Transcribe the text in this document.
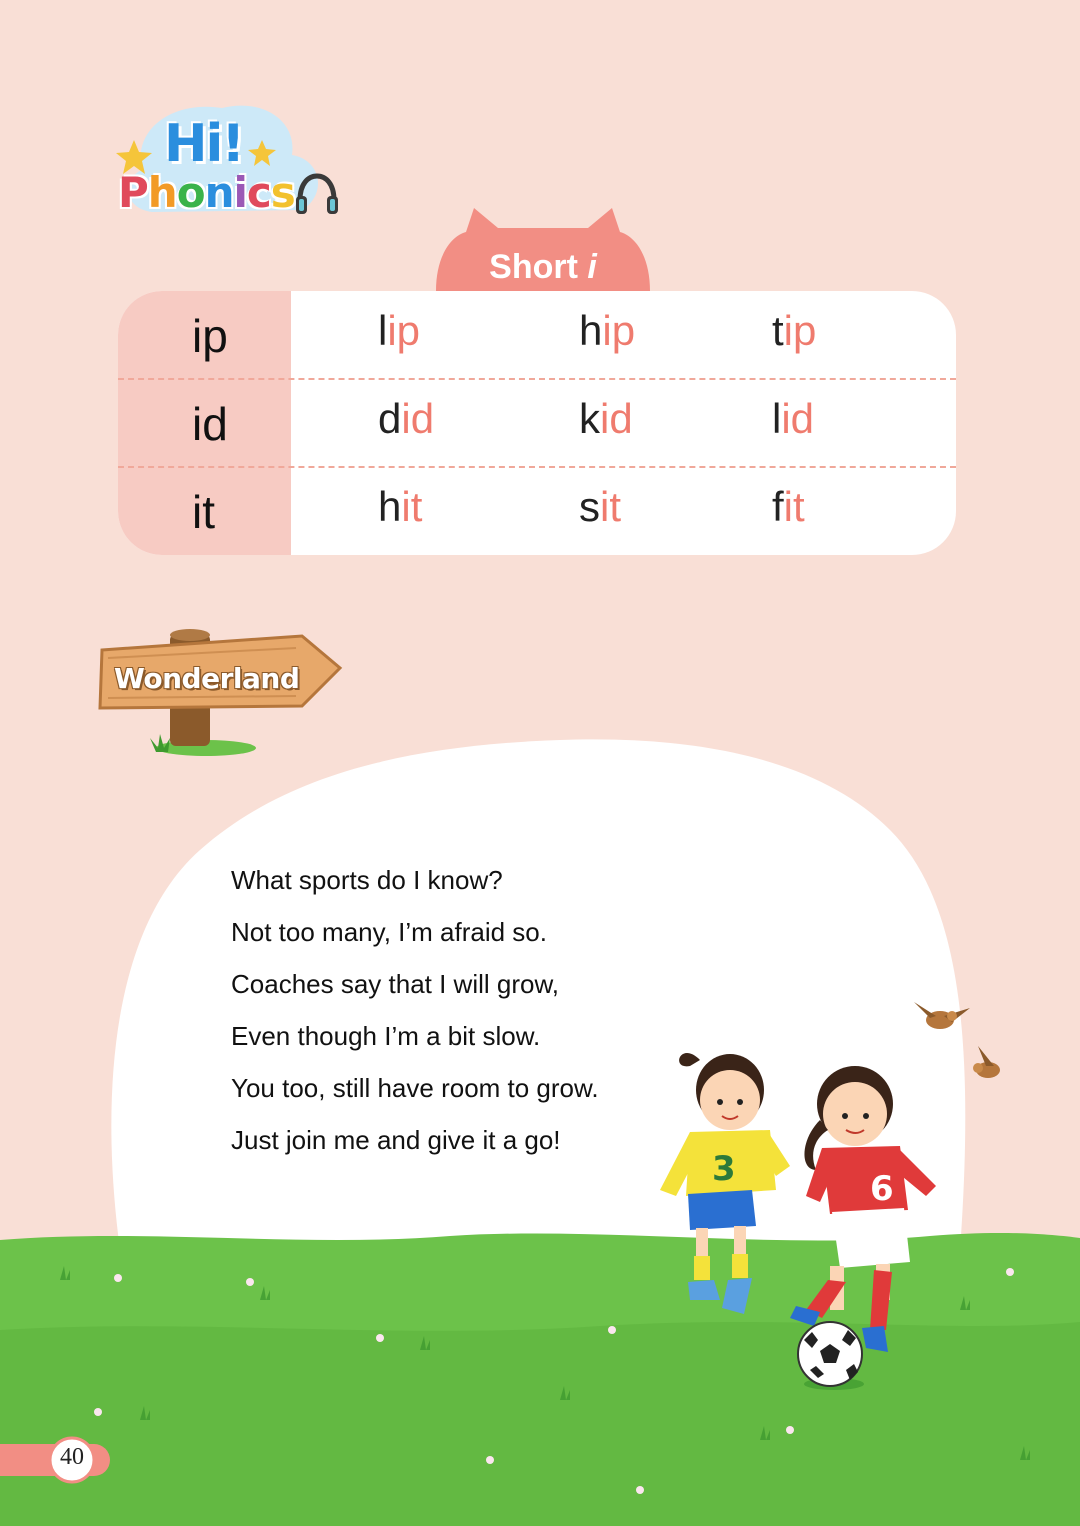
Hi!
Phonics
Short i
ip	lip	hip	tip
id	did	kid	lid
it	hit	sit	fit
Wonderland
What sports do I know?
Not too many, I’m afraid so.
Coaches say that I will grow,
Even though I’m a bit slow.
You too, still have room to grow.
Just join me and give it a go!
3	6
40
